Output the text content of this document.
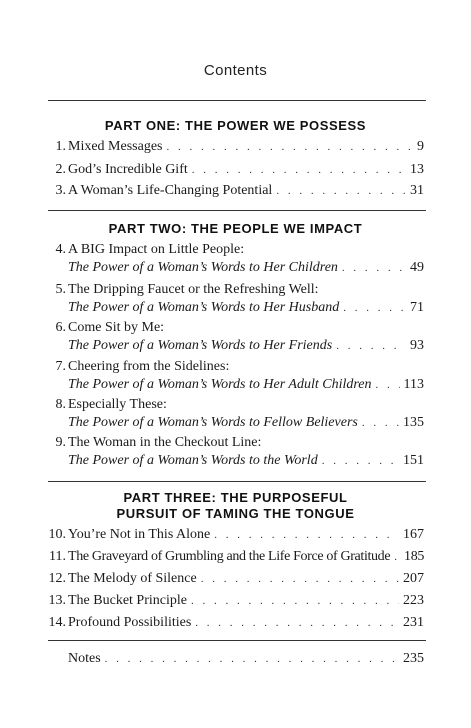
Contents
PART ONE: THE POWER WE POSSESS
1. Mixed Messages . . .	9
2. God’s Incredible Gift . . .	13
3. A Woman’s Life-Changing Potential . . .	31
PART TWO: THE PEOPLE WE IMPACT
4. A BIG Impact on Little People:
The Power of a Woman’s Words to Her Children . . .	49
5. The Dripping Faucet or the Refreshing Well:
The Power of a Woman’s Words to Her Husband . . .	71
6. Come Sit by Me:
The Power of a Woman’s Words to Her Friends . . .	93
7. Cheering from the Sidelines:
The Power of a Woman’s Words to Her Adult Children . . . 113
8. Especially These:
The Power of a Woman’s Words to Fellow Believers . . .	135
9. The Woman in the Checkout Line:
The Power of a Woman’s Words to the World . . .	151
PART THREE: THE PURPOSEFUL
PURSUIT OF TAMING THE TONGUE
10. You’re Not in This Alone . . .	167
11. The Graveyard of Grumbling and the Life Force of Gratitude . . . 185
12. The Melody of Silence . . .	207
13. The Bucket Principle . . .	223
14. Profound Possibilities . . .	231
Notes . . .	235
